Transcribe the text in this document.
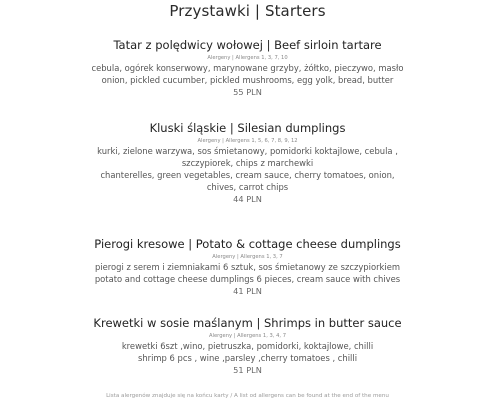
Przystawki | Starters

Tatar z polędwicy wołowej | Beef sirloin tartare

Alergeny | Allergens 1, 3, 7, 10

cebula, ogórek konserwowy, marynowane grzyby, żółtko, pieczywo, masło

onion, pickled cucumber, pickled mushrooms, egg yolk, bread, butter

55 PLN

Kluski śląskie | Silesian dumplings

Alergeny | Allergens 1, 5, 6, 7, 8, 9, 12

kurki, zielone warzywa, sos śmietanowy, pomidorki koktajlowe, cebula ,

szczypiorek, chips z marchewki

chanterelles, green vegetables, cream sauce, cherry tomatoes, onion,

chives, carrot chips

44 PLN

Pierogi kresowe | Potato & cottage cheese dumplings

Alergeny | Allergens 1, 3, 7

pierogi z serem i ziemniakami 6 sztuk, sos śmietanowy ze szczypiorkiem

potato and cottage cheese dumplings 6 pieces, cream sauce with chives

41 PLN

Krewetki w sosie maślanym | Shrimps in butter sauce

Alergeny | Allergens 1, 3, 4, 7

krewetki 6szt ,wino, pietruszka, pomidorki, koktajlowe, chilli

shrimp 6 pcs , wine ,parsley ,cherry tomatoes , chilli

51 PLN

Lista alergenów znajduje się na końcu karty / A list od allergens can be found at the end of the menu
